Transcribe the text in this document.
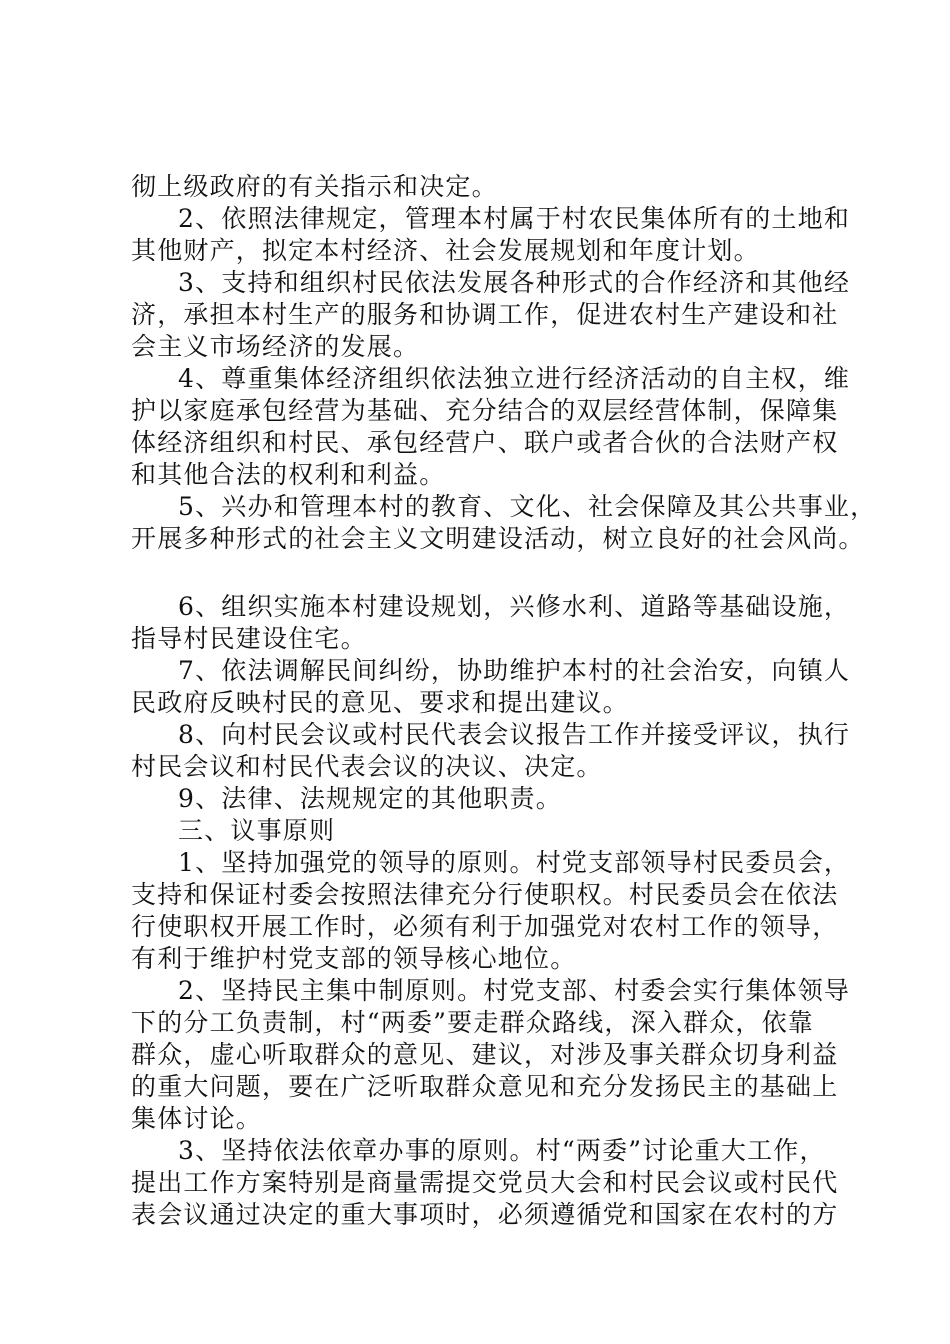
彻上级政府的有关指示和决定。
2、依照法律规定，管理本村属于村农民集体所有的土地和
其他财产，拟定本村经济、社会发展规划和年度计划。
3、支持和组织村民依法发展各种形式的合作经济和其他经
济，承担本村生产的服务和协调工作，促进农村生产建设和社
会主义市场经济的发展。
4、尊重集体经济组织依法独立进行经济活动的自主权，维
护以家庭承包经营为基础、充分结合的双层经营体制，保障集
体经济组织和村民、承包经营户、联户或者合伙的合法财产权
和其他合法的权利和利益。
5、兴办和管理本村的教育、文化、社会保障及其公共事业，
开展多种形式的社会主义文明建设活动，树立良好的社会风尚。
6、组织实施本村建设规划，兴修水利、道路等基础设施，
指导村民建设住宅。
7、依法调解民间纠纷，协助维护本村的社会治安，向镇人
民政府反映村民的意见、要求和提出建议。
8、向村民会议或村民代表会议报告工作并接受评议，执行
村民会议和村民代表会议的决议、决定。
9、法律、法规规定的其他职责。
三、议事原则
1、坚持加强党的领导的原则。村党支部领导村民委员会，
支持和保证村委会按照法律充分行使职权。村民委员会在依法
行使职权开展工作时，必须有利于加强党对农村工作的领导，
有利于维护村党支部的领导核心地位。
2、坚持民主集中制原则。村党支部、村委会实行集体领导
下的分工负责制，村“两委”要走群众路线，深入群众，依靠
群众，虚心听取群众的意见、建议，对涉及事关群众切身利益
的重大问题，要在广泛听取群众意见和充分发扬民主的基础上
集体讨论。
3、坚持依法依章办事的原则。村“两委”讨论重大工作，
提出工作方案特别是商量需提交党员大会和村民会议或村民代
表会议通过决定的重大事项时，必须遵循党和国家在农村的方
